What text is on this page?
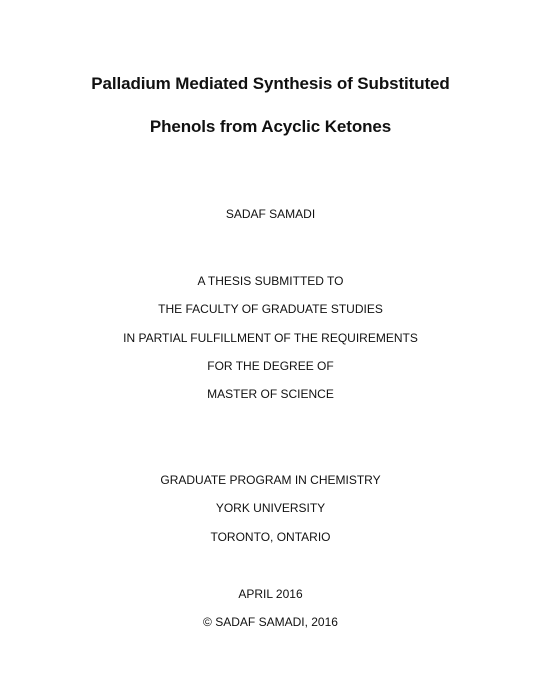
Palladium Mediated Synthesis of Substituted
Phenols from Acyclic Ketones
SADAF SAMADI
A THESIS SUBMITTED TO
THE FACULTY OF GRADUATE STUDIES
IN PARTIAL FULFILLMENT OF THE REQUIREMENTS
FOR THE DEGREE OF
MASTER OF SCIENCE
GRADUATE PROGRAM IN CHEMISTRY
YORK UNIVERSITY
TORONTO, ONTARIO
APRIL 2016
© SADAF SAMADI, 2016
